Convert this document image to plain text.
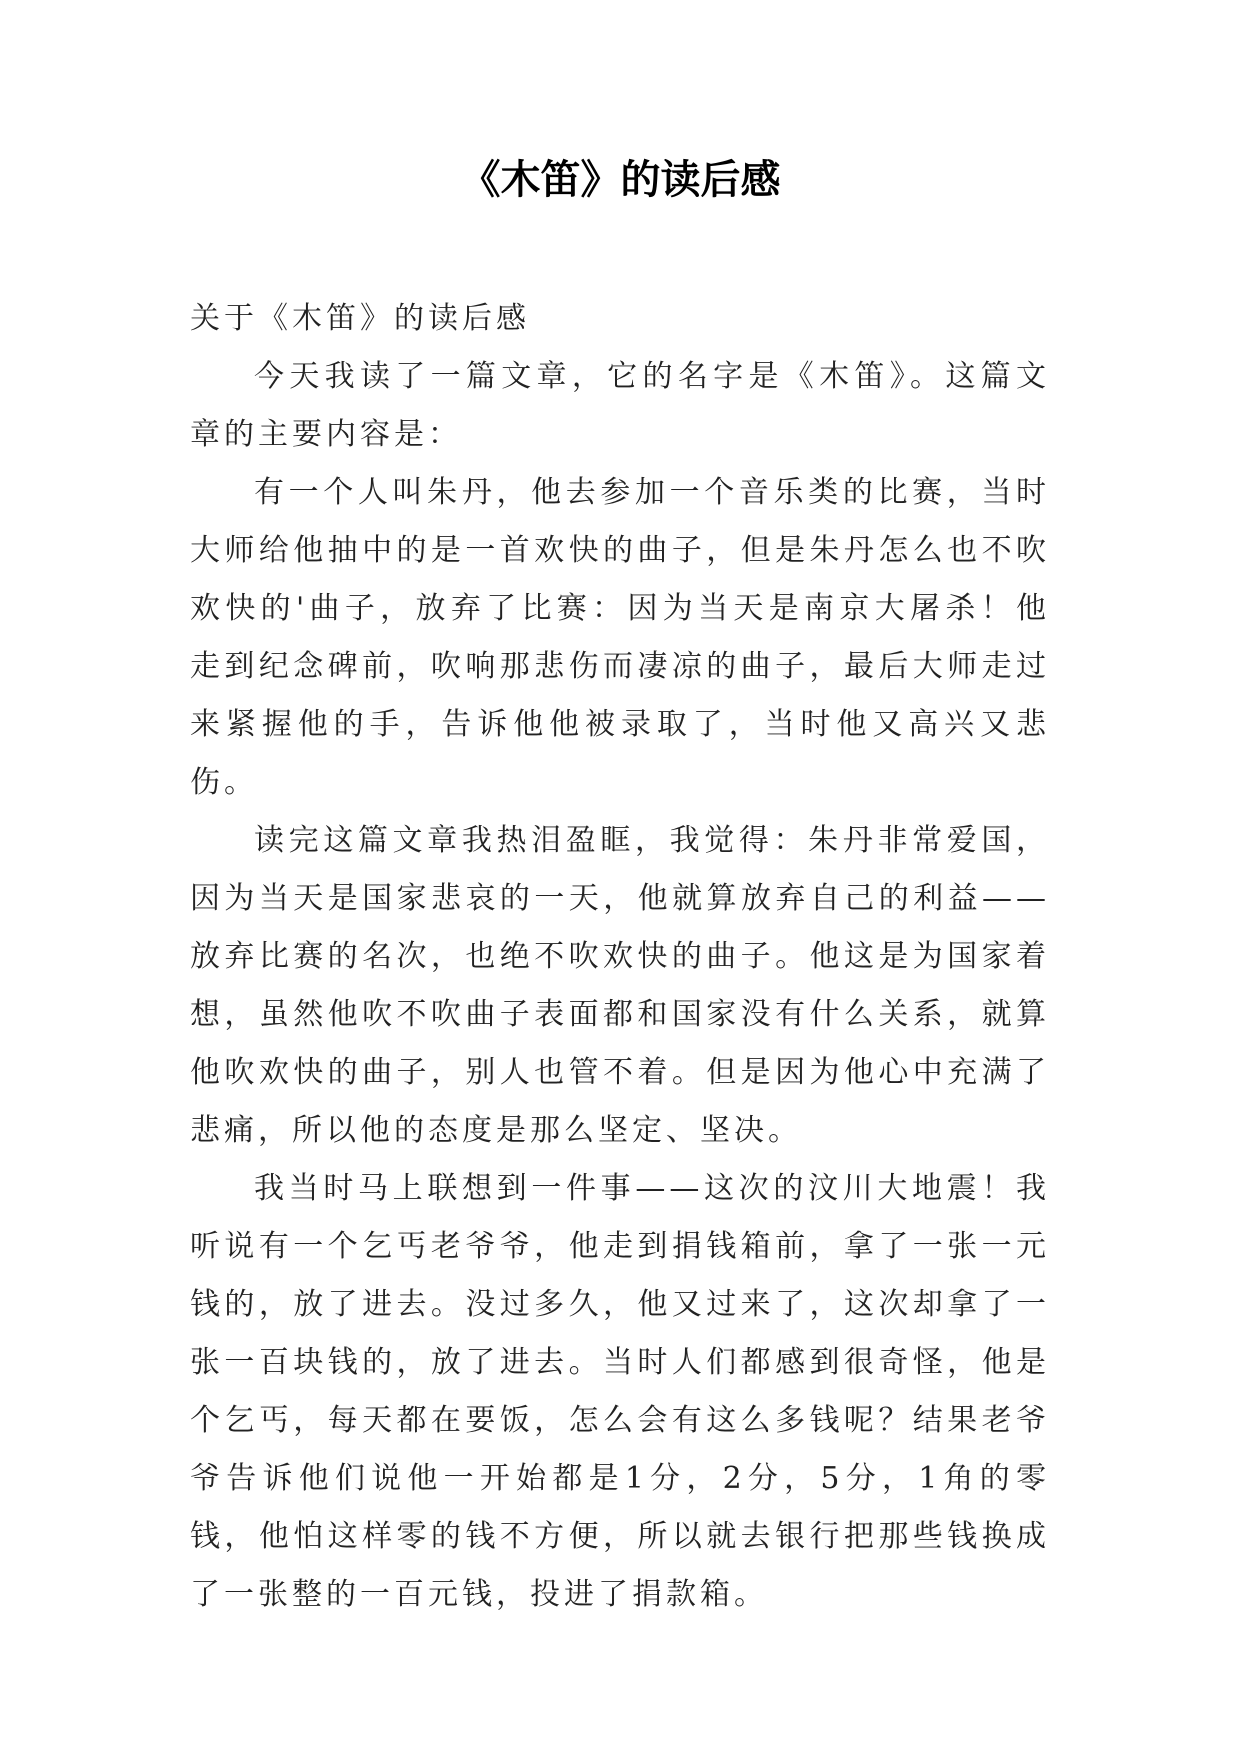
《木笛》的读后感

关于《木笛》的读后感

今天我读了一篇文章，它的名字是《木笛》。这篇文章的主要内容是：

有一个人叫朱丹，他去参加一个音乐类的比赛，当时大师给他抽中的是一首欢快的曲子，但是朱丹怎么也不吹欢快的'曲子，放弃了比赛：因为当天是南京大屠杀！他走到纪念碑前，吹响那悲伤而凄凉的曲子，最后大师走过来紧握他的手，告诉他他被录取了，当时他又高兴又悲伤。

读完这篇文章我热泪盈眶，我觉得：朱丹非常爱国，因为当天是国家悲哀的一天，他就算放弃自己的利益——放弃比赛的名次，也绝不吹欢快的曲子。他这是为国家着想，虽然他吹不吹曲子表面都和国家没有什么关系，就算他吹欢快的曲子，别人也管不着。但是因为他心中充满了悲痛，所以他的态度是那么坚定、坚决。

我当时马上联想到一件事——这次的汶川大地震！我听说有一个乞丐老爷爷，他走到捐钱箱前，拿了一张一元钱的，放了进去。没过多久，他又过来了，这次却拿了一张一百块钱的，放了进去。当时人们都感到很奇怪，他是个乞丐，每天都在要饭，怎么会有这么多钱呢？结果老爷爷告诉他们说他一开始都是1分，2分，5分，1角的零钱，他怕这样零的钱不方便，所以就去银行把那些钱换成了一张整的一百元钱，投进了捐款箱。
